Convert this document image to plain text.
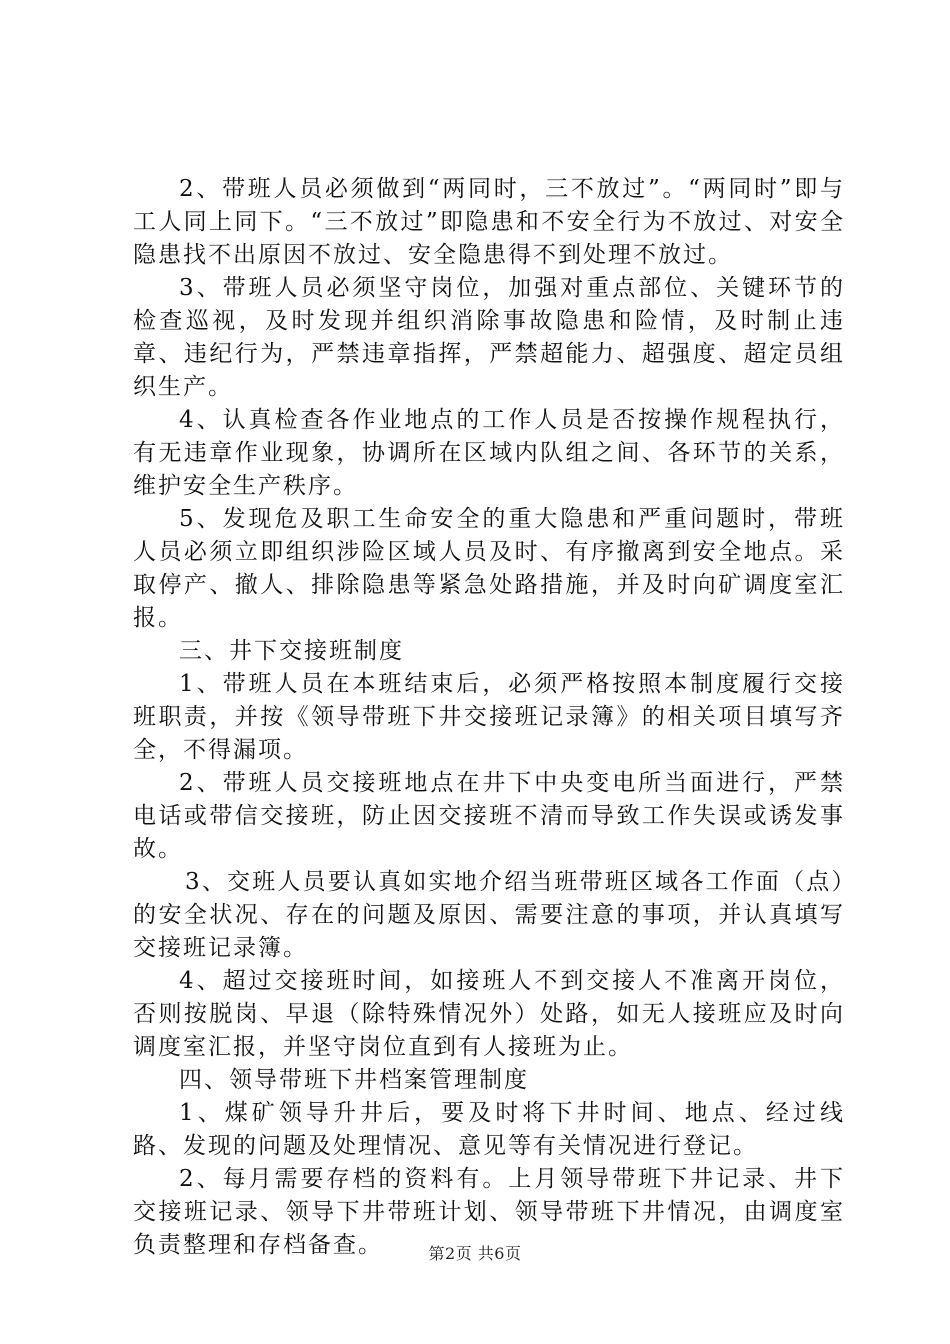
2、带班人员必须做到“两同时，三不放过”。“两同时”即与工人同上同下。“三不放过”即隐患和不安全行为不放过、对安全隐患找不出原因不放过、安全隐患得不到处理不放过。

3、带班人员必须坚守岗位，加强对重点部位、关键环节的检查巡视，及时发现并组织消除事故隐患和险情，及时制止违章、违纪行为，严禁违章指挥，严禁超能力、超强度、超定员组织生产。

4、认真检查各作业地点的工作人员是否按操作规程执行，有无违章作业现象，协调所在区域内队组之间、各环节的关系，维护安全生产秩序。

5、发现危及职工生命安全的重大隐患和严重问题时，带班人员必须立即组织涉险区域人员及时、有序撤离到安全地点。采取停产、撤人、排除隐患等紧急处路措施，并及时向矿调度室汇报。

三、井下交接班制度

1、带班人员在本班结束后，必须严格按照本制度履行交接班职责，并按《领导带班下井交接班记录簿》的相关项目填写齐全，不得漏项。

2、带班人员交接班地点在井下中央变电所当面进行，严禁电话或带信交接班，防止因交接班不清而导致工作失误或诱发事故。

3、交班人员要认真如实地介绍当班带班区域各工作面（点）的安全状况、存在的问题及原因、需要注意的事项，并认真填写交接班记录簿。

4、超过交接班时间，如接班人不到交接人不准离开岗位，否则按脱岗、早退（除特殊情况外）处路，如无人接班应及时向调度室汇报，并坚守岗位直到有人接班为止。

四、领导带班下井档案管理制度

1、煤矿领导升井后，要及时将下井时间、地点、经过线路、发现的问题及处理情况、意见等有关情况进行登记。

2、每月需要存档的资料有。上月领导带班下井记录、井下交接班记录、领导下井带班计划、领导带班下井情况，由调度室负责整理和存档备查。	第2页 共6页
